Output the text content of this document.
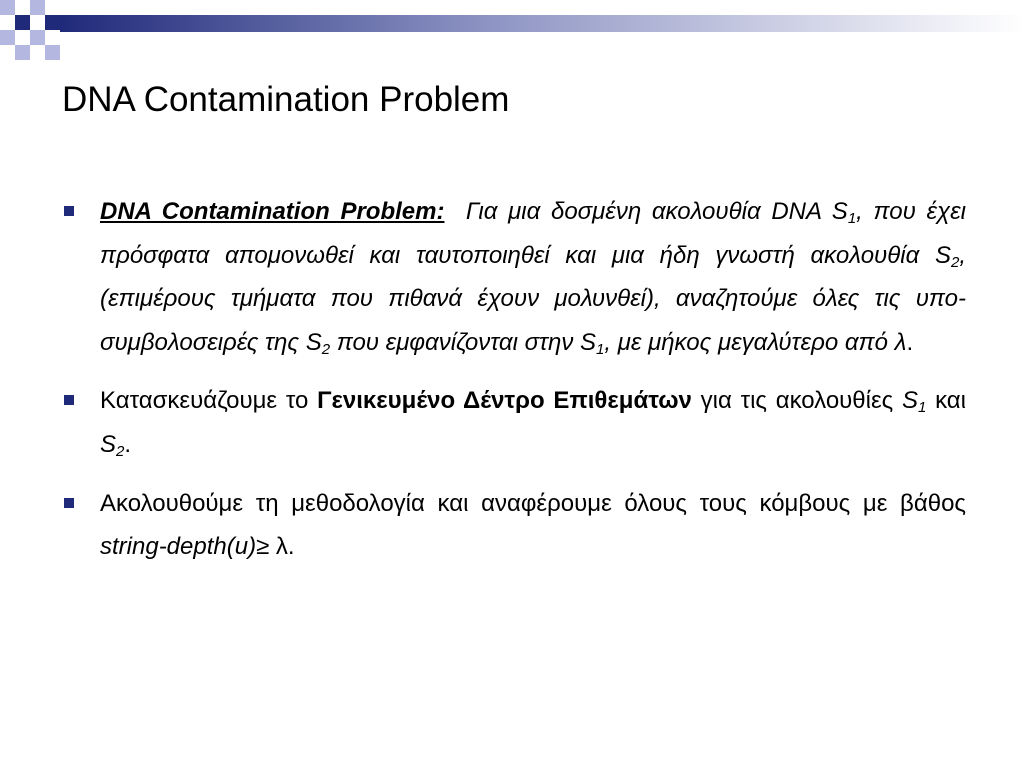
DNA Contamination Problem

DNA Contamination Problem: Για μια δοσμένη ακολουθία DNA $S_1$, που έχει πρόσφατα απομονωθεί και ταυτοποιηθεί και μια ήδη γνωστή ακολουθία $S_2$, (επιμέρους τμήματα που πιθανά έχουν μολυνθεί), αναζητούμε όλες τις υπο-συμβολοσειρές της $S_2$ που εμφανίζονται στην $S_1$, με μήκος μεγαλύτερο από λ.

Κατασκευάζουμε το Γενικευμένο Δέντρο Επιθεμάτων για τις ακολουθίες $S_1$ και $S_2$.

Ακολουθούμε τη μεθοδολογία και αναφέρουμε όλους τους κόμβους με βάθος string-depth(u)≥ λ.
